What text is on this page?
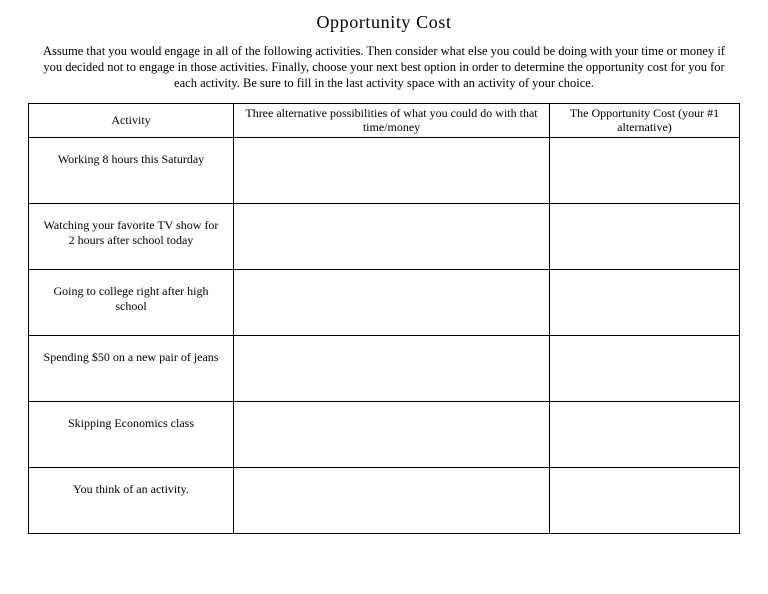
Opportunity Cost

Assume that you would engage in all of the following activities. Then consider what else you could be doing with your time or money if you decided not to engage in those activities. Finally, choose your next best option in order to determine the opportunity cost for you for each activity. Be sure to fill in the last activity space with an activity of your choice.

Activity	Three alternative possibilities of what you could do with that time/money	The Opportunity Cost (your #1 alternative)
Working 8 hours this Saturday		
Watching your favorite TV show for 2 hours after school today		
Going to college right after high school		
Spending $50 on a new pair of jeans		
Skipping Economics class		
You think of an activity.		
